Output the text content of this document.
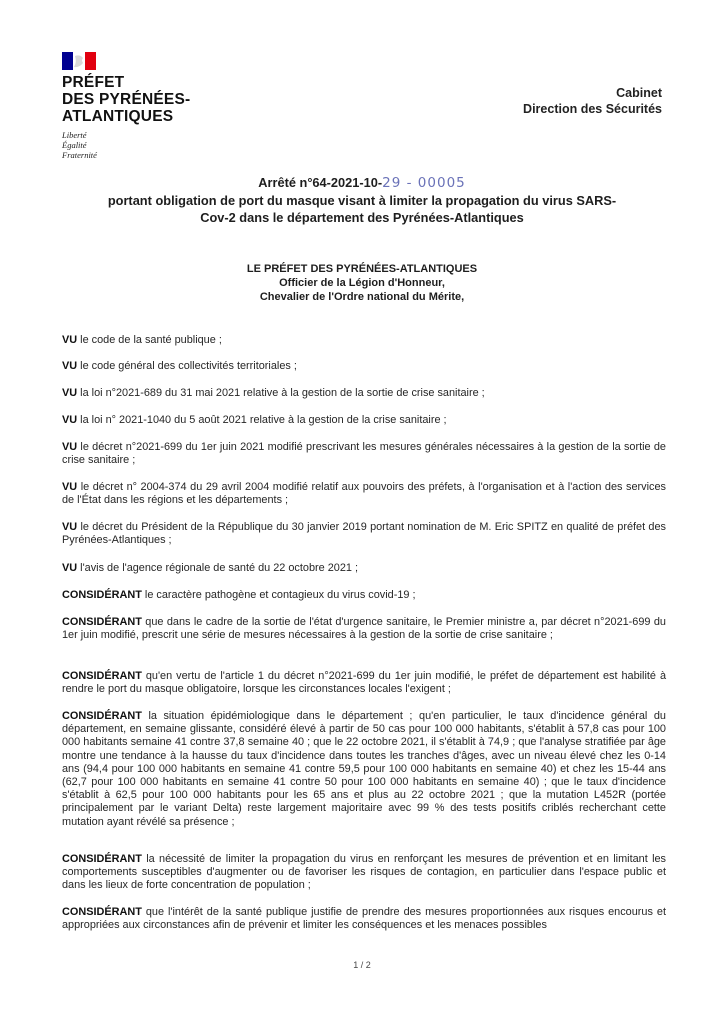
PRÉFET
DES PYRÉNÉES-
ATLANTIQUES
Liberté
Égalité
Fraternité
Cabinet
Direction des Sécurités
Arrêté n°64-2021-10-29 - 00005
portant obligation de port du masque visant à limiter la propagation du virus SARS-
Cov-2 dans le département des Pyrénées-Atlantiques
LE PRÉFET DES PYRÉNÉES-ATLANTIQUES
Officier de la Légion d'Honneur,
Chevalier de l'Ordre national du Mérite,

VU le code de la santé publique ;

VU le code général des collectivités territoriales ;

VU la loi n°2021-689 du 31 mai 2021 relative à la gestion de la sortie de crise sanitaire ;

VU la loi n° 2021-1040 du 5 août 2021 relative à la gestion de la crise sanitaire ;

VU le décret n°2021-699 du 1er juin 2021 modifié prescrivant les mesures générales nécessaires à la gestion de la sortie de crise sanitaire ;

VU le décret n° 2004-374 du 29 avril 2004 modifié relatif aux pouvoirs des préfets, à l'organisation et à l'action des services de l'État dans les régions et les départements ;

VU le décret du Président de la République du 30 janvier 2019 portant nomination de M. Eric SPITZ en qualité de préfet des Pyrénées-Atlantiques ;

VU l'avis de l'agence régionale de santé du 22 octobre 2021 ;

CONSIDÉRANT le caractère pathogène et contagieux du virus covid-19 ;

CONSIDÉRANT que dans le cadre de la sortie de l'état d'urgence sanitaire, le Premier ministre a, par décret n°2021-699 du 1er juin modifié, prescrit une série de mesures nécessaires à la gestion de la sortie de crise sanitaire ;

CONSIDÉRANT qu'en vertu de l'article 1 du décret n°2021-699 du 1er juin modifié, le préfet de département est habilité à rendre le port du masque obligatoire, lorsque les circonstances locales l'exigent ;

CONSIDÉRANT la situation épidémiologique dans le département ; qu'en particulier, le taux d'incidence général du département, en semaine glissante, considéré élevé à partir de 50 cas pour 100 000 habitants, s'établit à 57,8 cas pour 100 000 habitants semaine 41 contre 37,8 semaine 40 ; que le 22 octobre 2021, il s'établit à 74,9 ; que l'analyse stratifiée par âge montre une tendance à la hausse du taux d'incidence dans toutes les tranches d'âges, avec un niveau élevé chez les 0-14 ans (94,4 pour 100 000 habitants en semaine 41 contre 59,5 pour 100 000 habitants en semaine 40) et chez les 15-44 ans (62,7 pour 100 000 habitants en semaine 41 contre 50 pour 100 000 habitants en semaine 40) ; que le taux d'incidence s'établit à 62,5 pour 100 000 habitants pour les 65 ans et plus au 22 octobre 2021 ; que la mutation L452R (portée principalement par le variant Delta) reste largement majoritaire avec 99 % des tests positifs criblés recherchant cette mutation ayant révélé sa présence ;

CONSIDÉRANT la nécessité de limiter la propagation du virus en renforçant les mesures de prévention et en limitant les comportements susceptibles d'augmenter ou de favoriser les risques de contagion, en particulier dans l'espace public et dans les lieux de forte concentration de population ;

CONSIDÉRANT que l'intérêt de la santé publique justifie de prendre des mesures proportionnées aux risques encourus et appropriées aux circonstances afin de prévenir et limiter les conséquences et les menaces possibles

1 / 2
